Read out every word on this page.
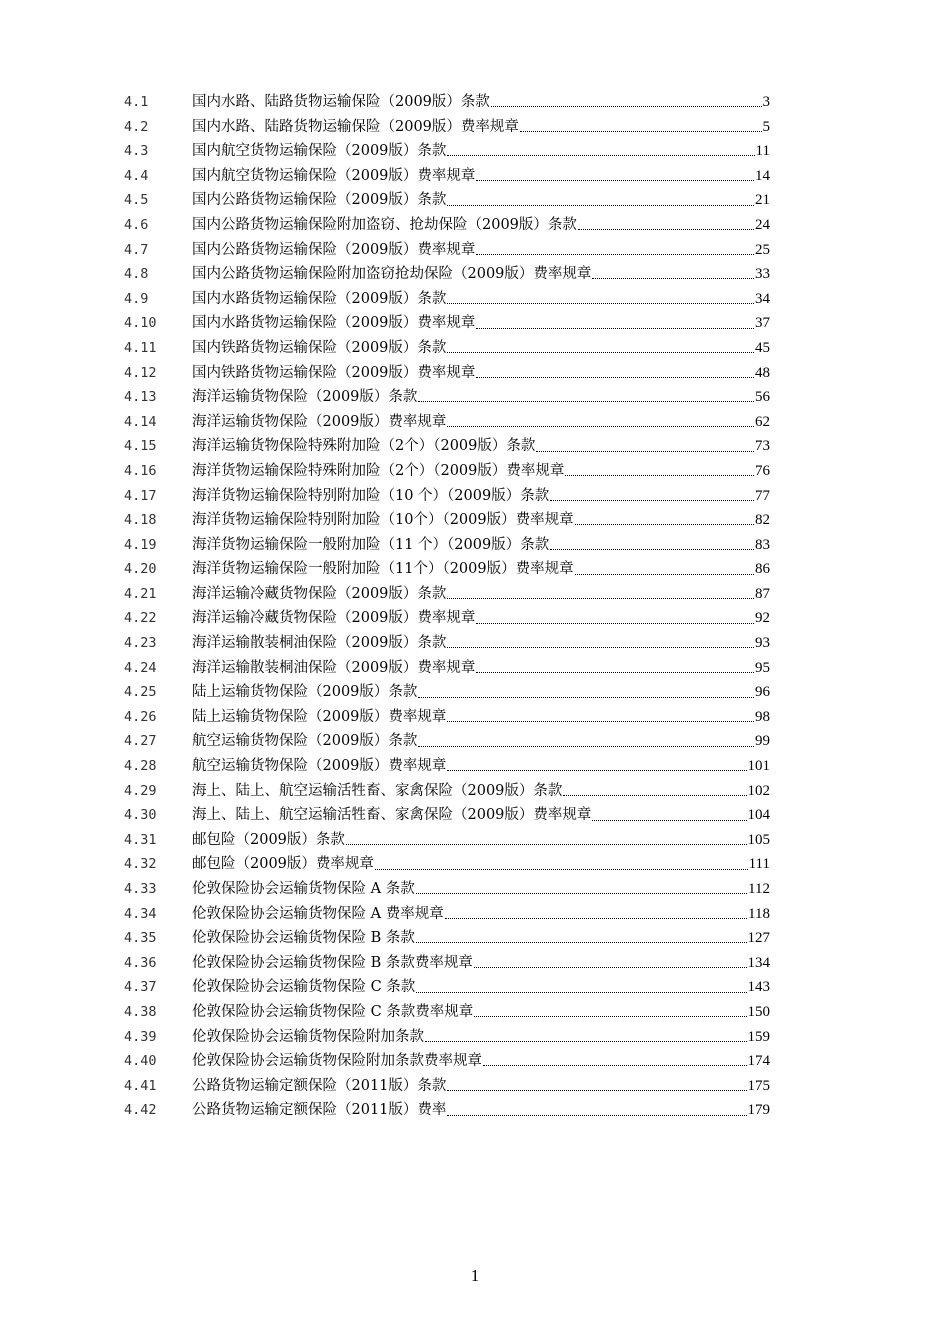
4.1	国内水路、陆路货物运输保险（2009版）条款	3
4.2	国内水路、陆路货物运输保险（2009版）费率规章	5
4.3	国内航空货物运输保险（2009版）条款	11
4.4	国内航空货物运输保险（2009版）费率规章	14
4.5	国内公路货物运输保险（2009版）条款	21
4.6	国内公路货物运输保险附加盗窃、抢劫保险（2009版）条款	24
4.7	国内公路货物运输保险（2009版）费率规章	25
4.8	国内公路货物运输保险附加盗窃抢劫保险（2009版）费率规章	33
4.9	国内水路货物运输保险（2009版）条款	34
4.10	国内水路货物运输保险（2009版）费率规章	37
4.11	国内铁路货物运输保险（2009版）条款	45
4.12	国内铁路货物运输保险（2009版）费率规章	48
4.13	海洋运输货物保险（2009版）条款	56
4.14	海洋运输货物保险（2009版）费率规章	62
4.15	海洋运输货物保险特殊附加险（2个）（2009版）条款	73
4.16	海洋货物运输保险特殊附加险（2个）（2009版）费率规章	76
4.17	海洋货物运输保险特别附加险（10 个）（2009版）条款	77
4.18	海洋货物运输保险特别附加险（10个）（2009版）费率规章	82
4.19	海洋货物运输保险一般附加险（11 个）（2009版）条款	83
4.20	海洋货物运输保险一般附加险（11个）（2009版）费率规章	86
4.21	海洋运输冷藏货物保险（2009版）条款	87
4.22	海洋运输冷藏货物保险（2009版）费率规章	92
4.23	海洋运输散装桐油保险（2009版）条款	93
4.24	海洋运输散装桐油保险（2009版）费率规章	95
4.25	陆上运输货物保险（2009版）条款	96
4.26	陆上运输货物保险（2009版）费率规章	98
4.27	航空运输货物保险（2009版）条款	99
4.28	航空运输货物保险（2009版）费率规章	101
4.29	海上、陆上、航空运输活牲畜、家禽保险（2009版）条款	102
4.30	海上、陆上、航空运输活牲畜、家禽保险（2009版）费率规章	104
4.31	邮包险（2009版）条款	105
4.32	邮包险（2009版）费率规章	111
4.33	伦敦保险协会运输货物保险 A 条款	112
4.34	伦敦保险协会运输货物保险 A 费率规章	118
4.35	伦敦保险协会运输货物保险 B 条款	127
4.36	伦敦保险协会运输货物保险 B 条款费率规章	134
4.37	伦敦保险协会运输货物保险 C 条款	143
4.38	伦敦保险协会运输货物保险 C 条款费率规章	150
4.39	伦敦保险协会运输货物保险附加条款	159
4.40	伦敦保险协会运输货物保险附加条款费率规章	174
4.41	公路货物运输定额保险（2011版）条款	175
4.42	公路货物运输定额保险（2011版）费率	179
1
